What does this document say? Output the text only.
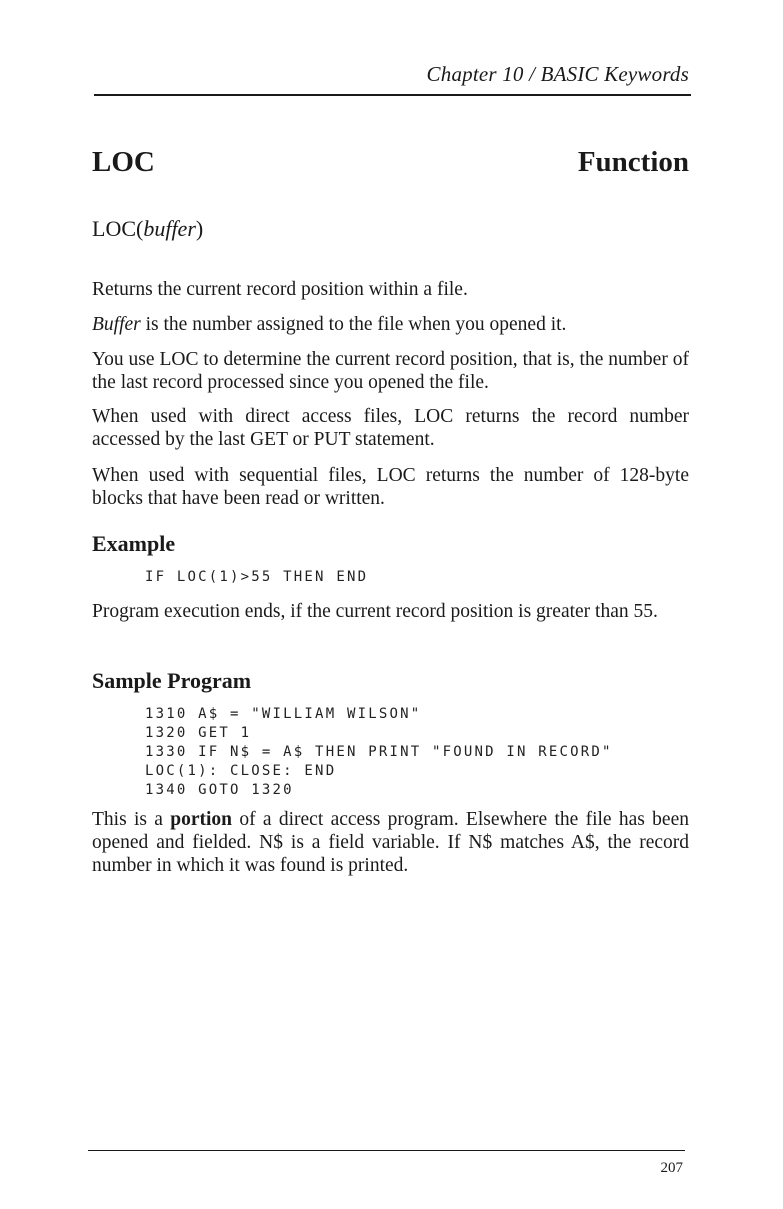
Chapter 10 / BASIC Keywords
LOC	Function
LOC(buffer)
Returns the current record position within a file.
Buffer is the number assigned to the file when you opened it.
You use LOC to determine the current record position, that is, the number of the last record processed since you opened the file.
When used with direct access files, LOC returns the record number accessed by the last GET or PUT statement.
When used with sequential files, LOC returns the number of 128-byte blocks that have been read or written.
Example
IF LOC(1)>55 THEN END
Program execution ends, if the current record position is greater than 55.
Sample Program
1310 A$ = "WILLIAM WILSON"
1320 GET 1
1330 IF N$ = A$ THEN PRINT "FOUND IN RECORD"
LOC(1): CLOSE: END
1340 GOTO 1320
This is a portion of a direct access program. Elsewhere the file has been opened and fielded. N$ is a field variable. If N$ matches A$, the record number in which it was found is printed.
207
